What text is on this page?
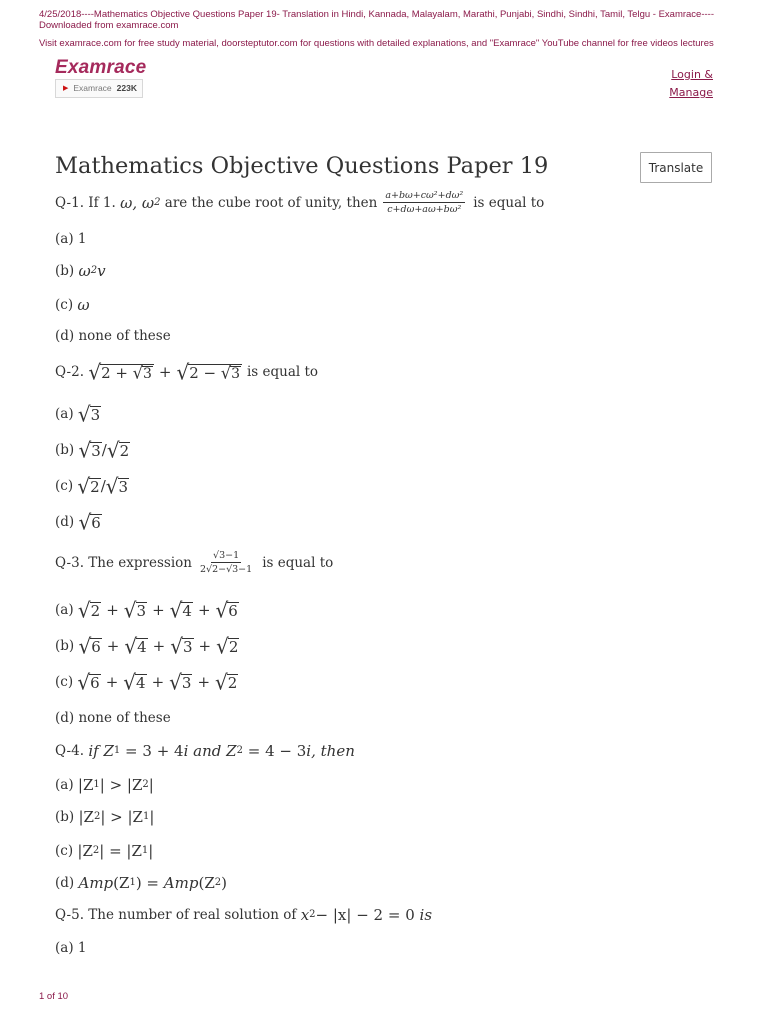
4/25/2018----Mathematics Objective Questions Paper 19- Translation in Hindi, Kannada, Malayalam, Marathi, Punjabi, Sindhi, Sindhi, Tamil, Telgu - Examrace----Downloaded from examrace.com
Visit examrace.com for free study material, doorsteptutor.com for questions with detailed explanations, and "Examrace" YouTube channel for free videos lectures
Examrace
▶ Examrace 223K
Login &
Manage
Mathematics Objective Questions Paper 19	Translate
Q-1. If 1.
ω, ω 2
are the cube root of unity, then $\frac{\text{a+bω+cω²+dω²}}{\text{c+dω+aω+bω²}}$ is equal to
(a) 1
(b)
ω 2 v
(c)
ω
(d) none of these
Q-2.
√ 2 + √ 3 + √ 2 − √ 3 is equal to
(a)
√ 3
(b)
√ 3 / √ 2
(c)
√ 2 / √ 3
(d)
√ 6
Q-3. The expression $\frac{√3-1}{2√2-√3-1}$ is equal to
(a)
√ 2 + √ 3 + √ 4 + √ 6
(b)
√ 6 + √ 4 + √ 3 + √ 2
(c)
√ 6 + √ 4 + √ 3 + √ 2
(d) none of these
Q-4.
if
Z 1
= 3 + 4 i
and
Z 2
= 4 − 3 i , then
(a)
|Z 1 | > |Z 2 |
(b)
|Z 2 | > |Z 1 |
(c)
|Z 2 | = |Z 1 |
(d)
Amp (Z 1 ) =
Amp (Z 2 )
Q-5. The number of real solution of
x 2 − |x| − 2 = 0
is
(a) 1
1 of 10
